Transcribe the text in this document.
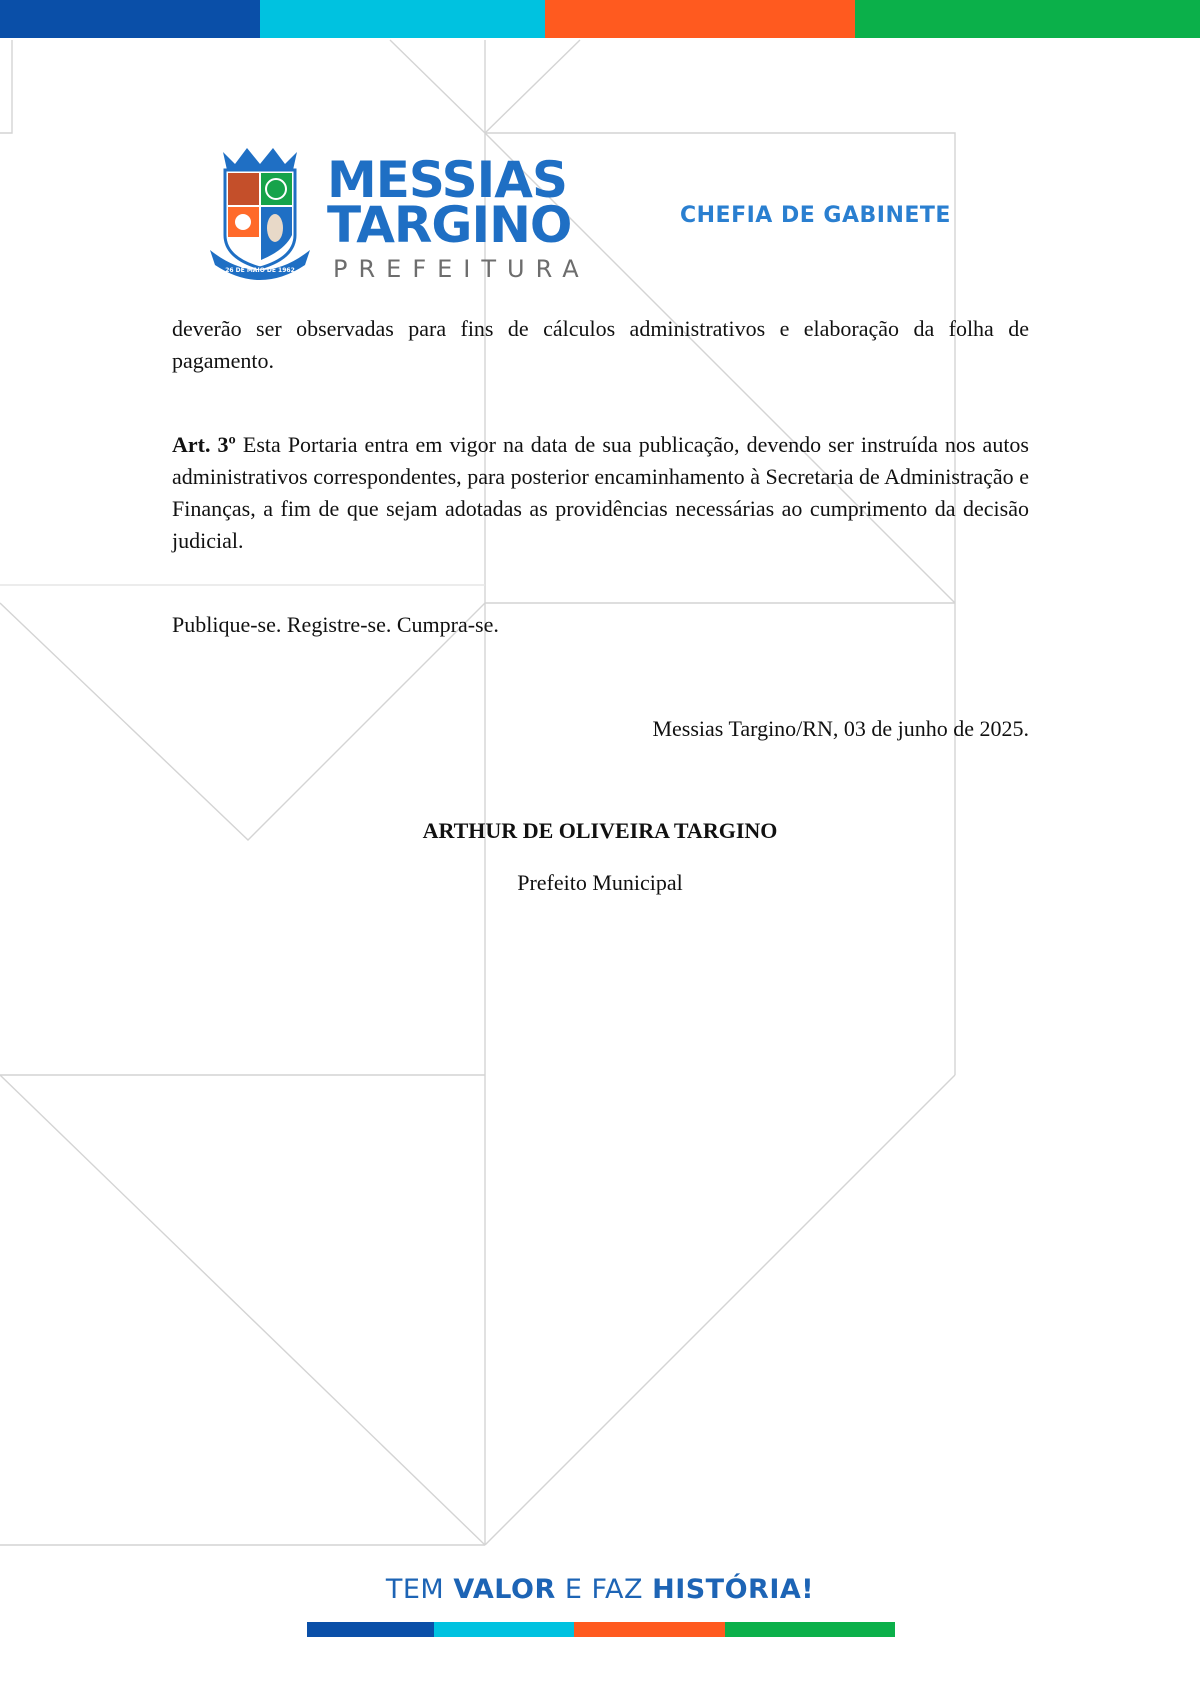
26 DE MAIO DE 1962
MESSIAS
TARGINO
PREFEITURA
CHEFIA DE GABINETE
deverão ser observadas para fins de cálculos administrativos e elaboração da folha de pagamento.
Art. 3º Esta Portaria entra em vigor na data de sua publicação, devendo ser instruída nos autos administrativos correspondentes, para posterior encaminhamento à Secretaria de Administração e Finanças, a fim de que sejam adotadas as providências necessárias ao cumprimento da decisão judicial.
Publique-se. Registre-se. Cumpra-se.
Messias Targino/RN, 03 de junho de 2025.
ARTHUR DE OLIVEIRA TARGINO
Prefeito Municipal
TEM VALOR E FAZ HISTÓRIA!
